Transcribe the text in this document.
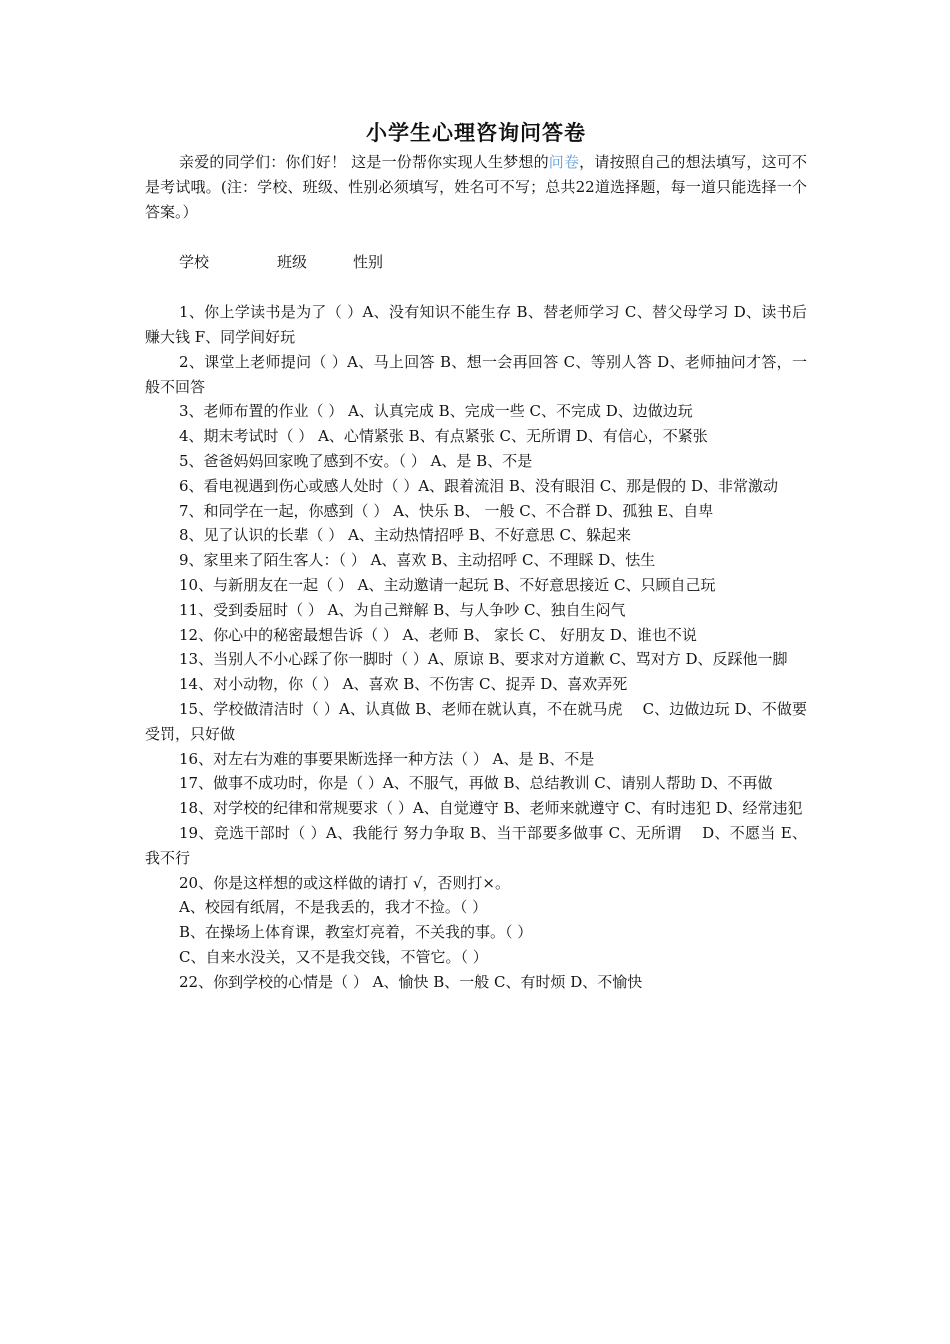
小学生心理咨询问答卷

亲爱的同学们：你们好！ 这是一份帮你实现人生梦想的问卷，请按照自己的想法填写，这可不是考试哦。(注：学校、班级、性别必须填写，姓名可不写；总共22道选择题，每一道只能选择一个答案。）

学校	班级	性别

1、你上学读书是为了（ ）A、没有知识不能生存 B、替老师学习 C、替父母学习 D、读书后 赚大钱 F、同学间好玩

2、课堂上老师提问（ ）A、马上回答 B、想一会再回答 C、等别人答 D、老师抽问才答，一般不回答

3、老师布置的作业（ ） A、认真完成 B、完成一些 C、不完成 D、边做边玩

4、期末考试时（ ） A、心情紧张 B、有点紧张 C、无所谓 D、有信心，不紧张

5、爸爸妈妈回家晚了感到不安。（ ） A、是 B、不是

6、看电视遇到伤心或感人处时（ ）A、跟着流泪 B、没有眼泪 C、那是假的 D、非常激动

7、和同学在一起，你感到（ ） A、快乐 B、 一般 C、不合群 D、孤独 E、自卑

8、见了认识的长辈（ ） A、主动热情招呼 B、不好意思 C、躲起来

9、家里来了陌生客人：（ ） A、喜欢 B、主动招呼 C、不理睬 D、怯生

10、与新朋友在一起（ ） A、主动邀请一起玩 B、不好意思接近 C、只顾自己玩

11、受到委屈时（ ） A、为自己辩解 B、与人争吵 C、独自生闷气

12、你心中的秘密最想告诉（ ） A、老师 B、 家长 C、 好朋友 D、谁也不说

13、当别人不小心踩了你一脚时（ ）A、原谅 B、要求对方道歉 C、骂对方 D、反踩他一脚

14、对小动物，你（ ） A、喜欢 B、不伤害 C、捉弄 D、喜欢弄死

15、学校做清洁时（ ）A、认真做 B、老师在就认真，不在就马虎　 C、边做边玩 D、不做要受罚，只好做

16、对左右为难的事要果断选择一种方法（ ） A、是 B、不是

17、做事不成功时，你是（ ）A、不服气，再做 B、总结教训 C、请别人帮助 D、不再做

18、对学校的纪律和常规要求（ ）A、自觉遵守 B、老师来就遵守 C、有时违犯 D、经常违犯

19、竞选干部时（ ）A、我能行 努力争取 B、当干部要多做事 C、无所谓　 D、不愿当 E、我不行

20、你是这样想的或这样做的请打 √，否则打×。

A、校园有纸屑，不是我丢的，我才不捡。（ ）

B、在操场上体育课，教室灯亮着，不关我的事。（ ）

C、自来水没关，又不是我交钱，不管它。（ ）

22、你到学校的心情是（ ） A、愉快 B、一般 C、有时烦 D、不愉快
